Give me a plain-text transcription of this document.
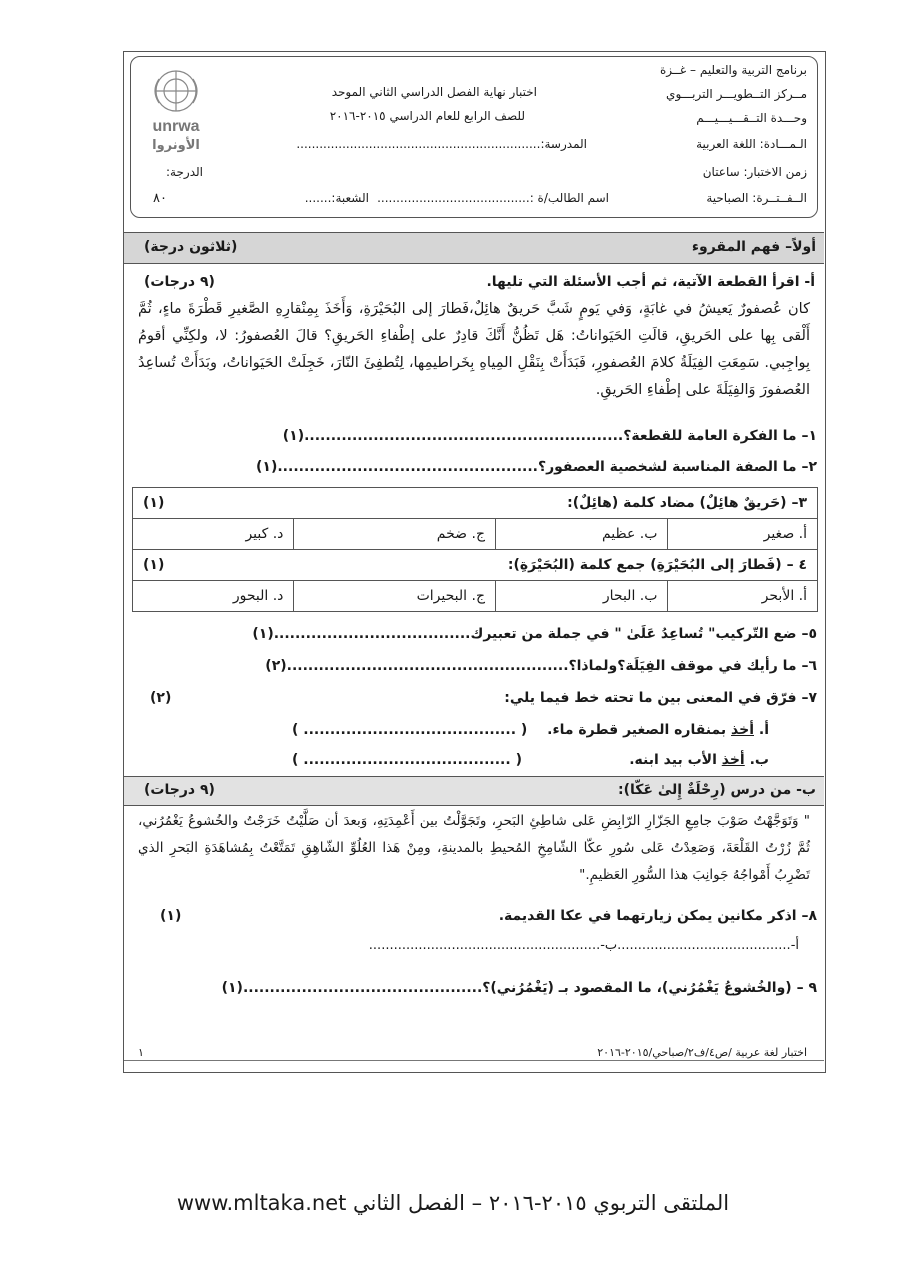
unrwa
الأونروا
برنامج التربية والتعليم – غــزة
مــركز التــطويـــر التربـــوي
وحـــدة التــقـــيـــيـــم
اختبار نهاية الفصل الدراسي الثاني الموحد
للصف الرابع للعام الدراسي ٢٠١٥-٢٠١٦
الـمـــادة: اللغة العربية
المدرسة:................................................................
زمن الاختبار: ساعتان
الدرجة:
الــفــتــرة: الصباحية
اسم الطالب/ة :........................................
الشعبة:.......
٨٠
أولاً– فهم المقروء
(ثلاثون درجة)
أ- اقرأ القطعة الآتية، ثم أجب الأسئلة التي تليها.
(٩ درجات)
كان عُصفورٌ يَعيشُ في غابَةٍ، وَفي يَومٍ شَبَّ حَريقٌ هائِلٌ،فَطارَ إلى البُحَيْرَةِ، وَأَخَذَ بِمِنْقارِهِ الصَّغيرِ قَطْرَةَ ماءٍ، ثُمَّ أَلْقى بِها على الحَريقِ، قالَتِ الحَيَواناتُ: هَل تَظُنُّ أَنَّكَ قادِرٌ على إطْفاءِ الحَريقِ؟ قالَ العُصفورُ: لا، ولكِنِّي أقومُ بِواجِبي. سَمِعَتِ الفِيَلَةُ كلامَ العُصفورِ، فَبَدَأَتْ بِنَقْلِ المِياهِ بِخَراطيمِها، لِتُطفِئَ النّارَ، خَجِلَتْ الحَيَواناتُ، وبَدَأَتْ تُساعِدُ العُصفورَ وَالفِيَلَةَ على إطْفاءِ الحَريقِ.
١– ما الفكرة العامة للقطعة؟............................................................(١)
٢– ما الصفة المناسبة لشخصية العصفور؟.................................................(١)
٣– (حَريقٌ هائِلٌ) مضاد كلمة (هائِلٌ):
(١)			

أ. صغير	ب. عظيم	ج. ضخم	د. كبير
٤ – (فَطارَ إلى البُحَيْرَةِ) جمع كلمة (البُحَيْرَةِ):
(١)			

أ. الأبحر	ب. البحار	ج. البحيرات	د. البحور
٥– ضع التّركيب" تُساعِدُ عَلَىٰ " في جملة من تعبيرك.....................................(١)
٦– ما رأيك في موقف الفِيَلَة؟ولماذا؟.....................................................(٢)
٧– فرّق في المعنى بين ما تحته خط فيما يلي:
(٢)
أ. أخذ بمنقاره الصغير قطرة ماء.
( ........................................ )
ب. أخذ الأب بيد ابنه.
( ....................................... )
ب- من درس (رِحْلَةٌ إِلىٰ عَكّا):
(٩ درجات)
" وَتَوَجَّهْتُ صَوْبَ جامِعِ الجَزّارِ الرّابِضِ عَلى شاطِئِ البَحرِ، وتَجَوَّلْتُ بين أَعْمِدَتِهِ، وَبعدَ أن صَلَّيْتُ خَرَجْتُ والخُشوعُ يَغْمُرُني، ثُمَّ زُرْتُ القَلْعَةَ، وَصَعِدْتُ عَلى سُورِ عكّا الشّامِخِ المُحيطِ بالمدينةِ، ومِنْ هَذا العُلُوِّ الشّاهِقِ تَمَتَّعْتُ بِمُشاهَدَةِ البَحرِ الذي تَضْرِبُ أَمْواجُهُ جَوانِبَ هذا السُّورِ العَظيمِ."
٨– اذكر مكانين يمكن زيارتهما في عكا القديمة.
(١)
أ-..........................................ب-........................................................
٩ – (والخُشوعُ يَغْمُرُني)، ما المقصود بـ (يَغْمُرُني)؟.............................................(١)
اختبار لغة عربية /ص٤/ف٢/صباحي/٢٠١٥-٢٠١٦
١
الملتقى التربوي ٢٠١٥-٢٠١٦ – الفصل الثاني www.mltaka.net
